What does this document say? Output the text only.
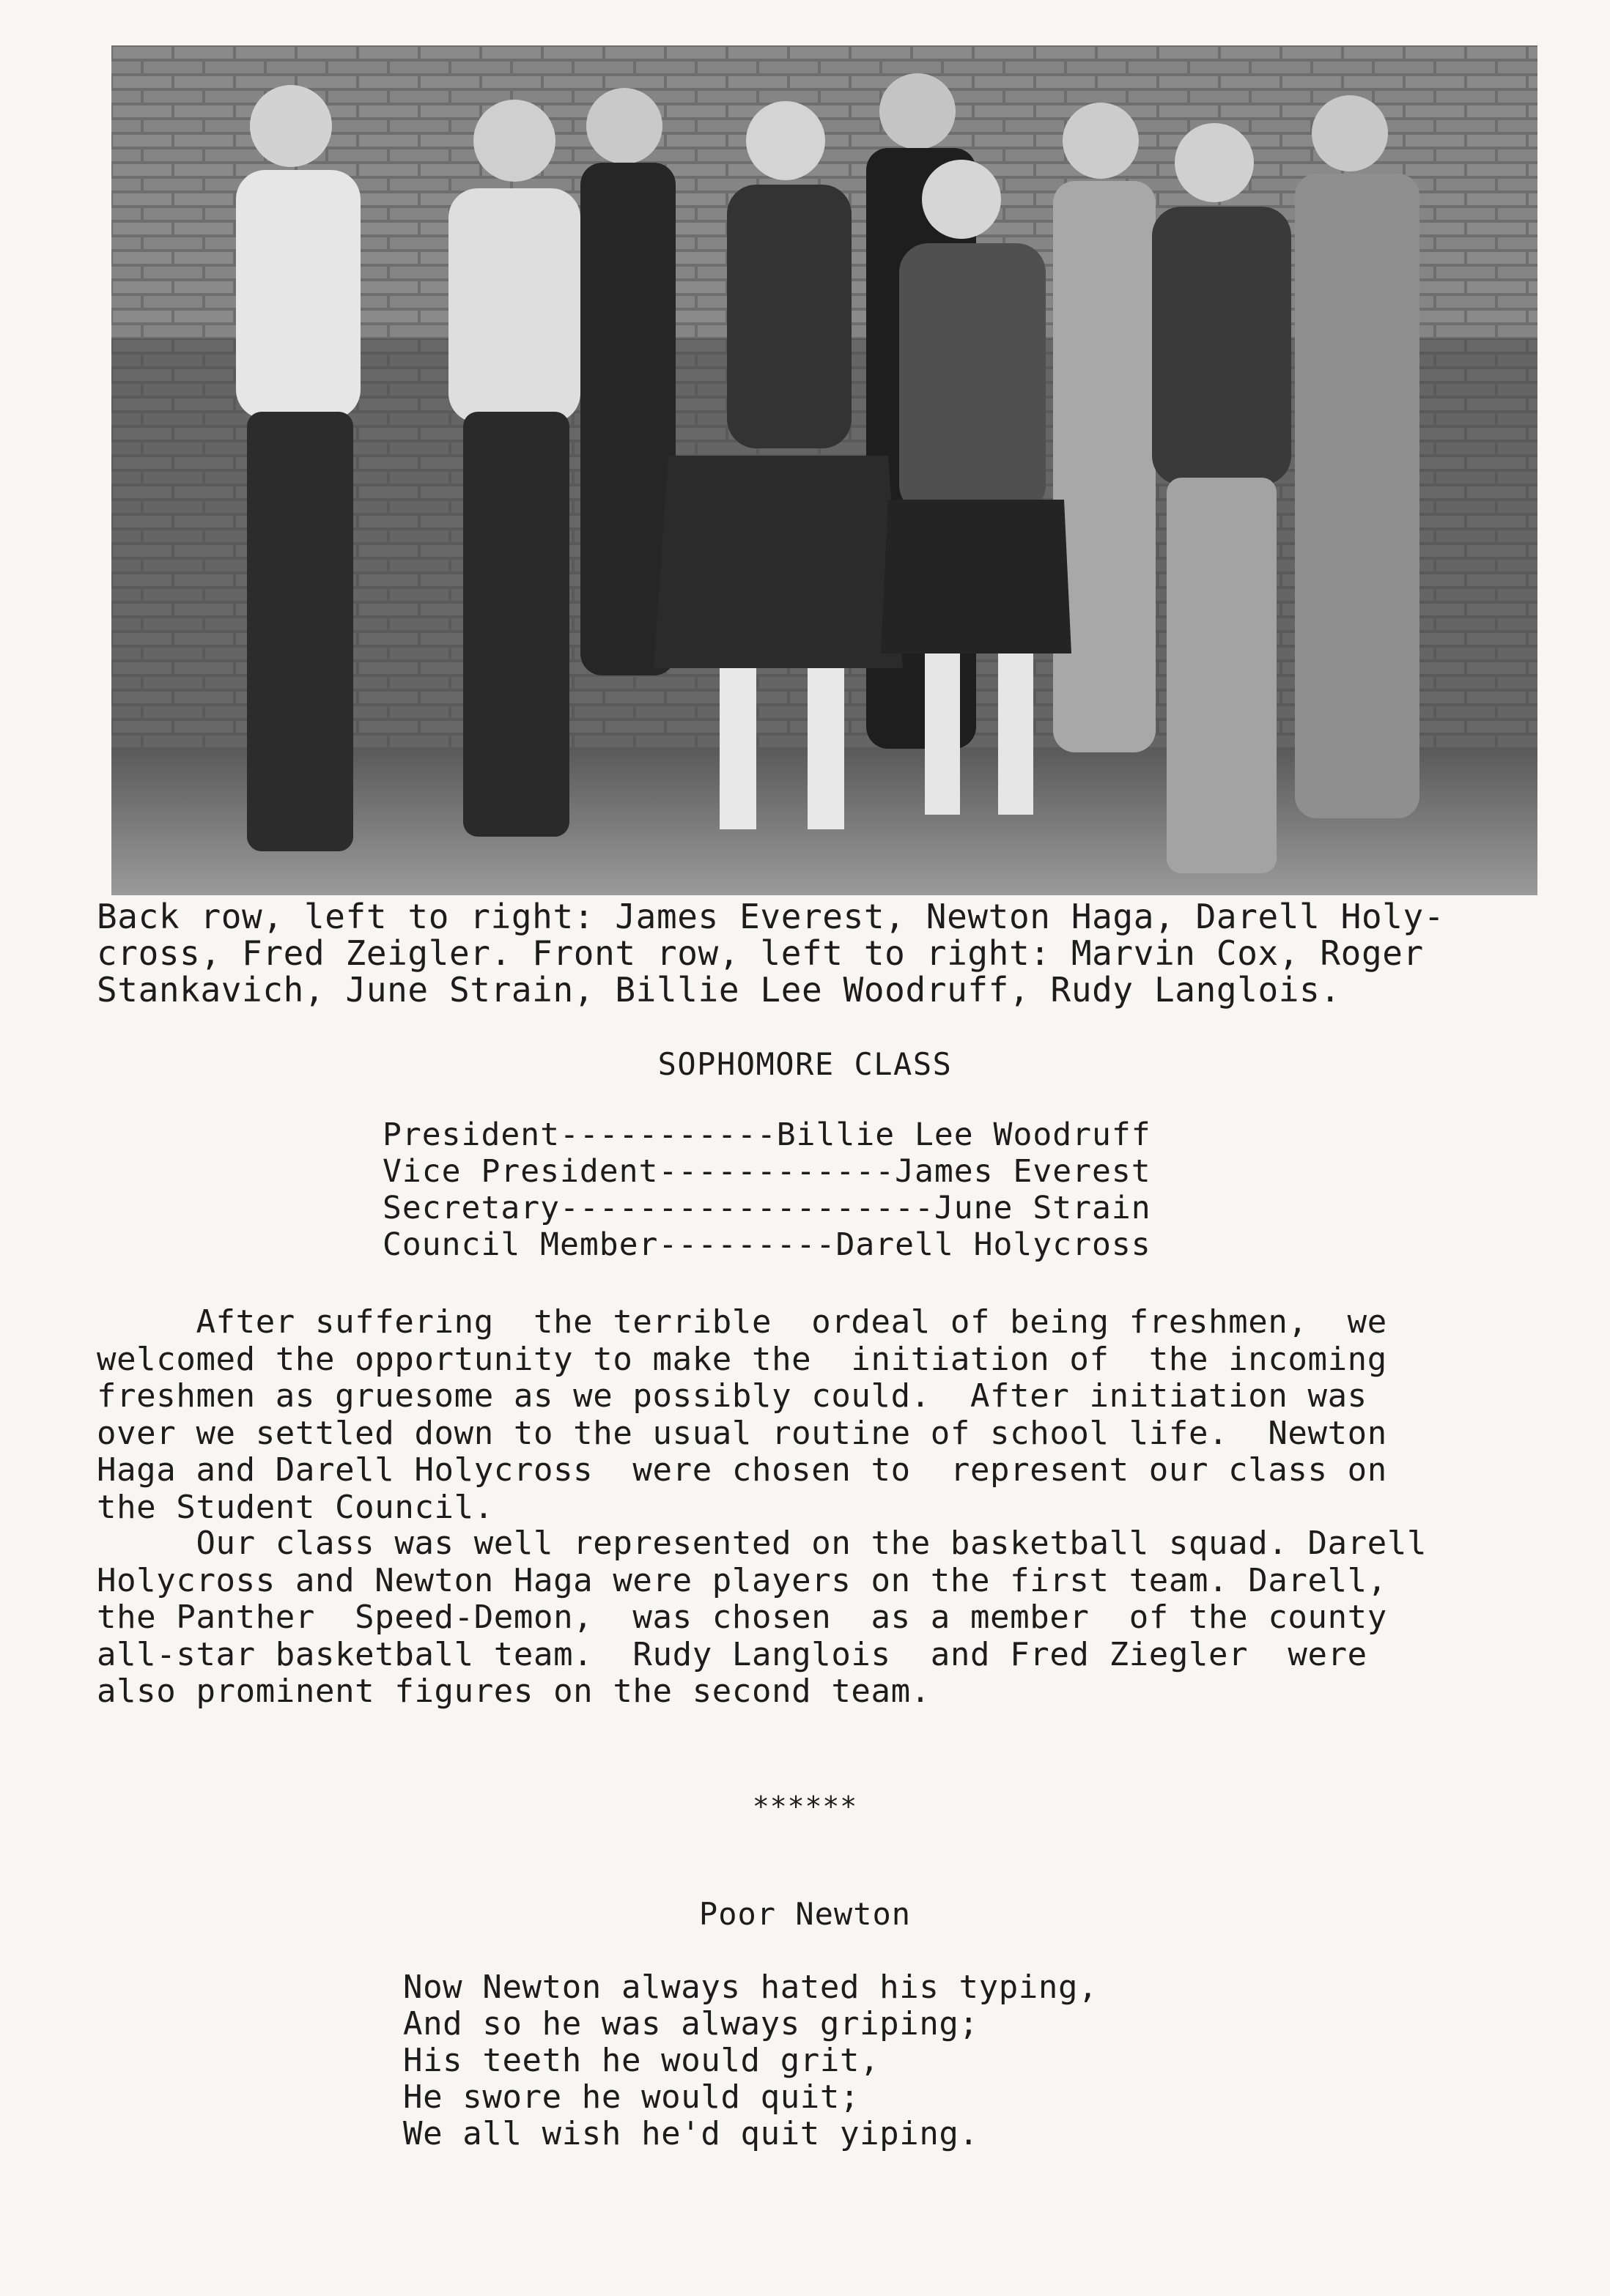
Back row, left to right: James Everest, Newton Haga, Darell Holy-
cross, Fred Zeigler. Front row, left to right: Marvin Cox, Roger
Stankavich, June Strain, Billie Lee Woodruff, Rudy Langlois.
SOPHOMORE CLASS
President ----------- Billie Lee Woodruff
Vice President ------------ James Everest
Secretary ------------------- June Strain
Council Member --------- Darell Holycross
After suffering  the terrible  ordeal of being freshmen,  we
welcomed the opportunity to make the  initiation of  the incoming
freshmen as gruesome as we possibly could.  After initiation was
over we settled down to the usual routine of school life.  Newton
Haga and Darell Holycross  were chosen to  represent our class on
the Student Council.
Our class was well represented on the basketball squad. Darell
Holycross and Newton Haga were players on the first team. Darell,
the Panther  Speed-Demon,  was chosen  as a member  of the county
all-star basketball team.  Rudy Langlois  and Fred Ziegler  were
also prominent figures on the second team.
******
Poor Newton
Now Newton always hated his typing,
And so he was always griping;
His teeth he would grit,
He swore he would quit;
We all wish he'd quit yiping.
